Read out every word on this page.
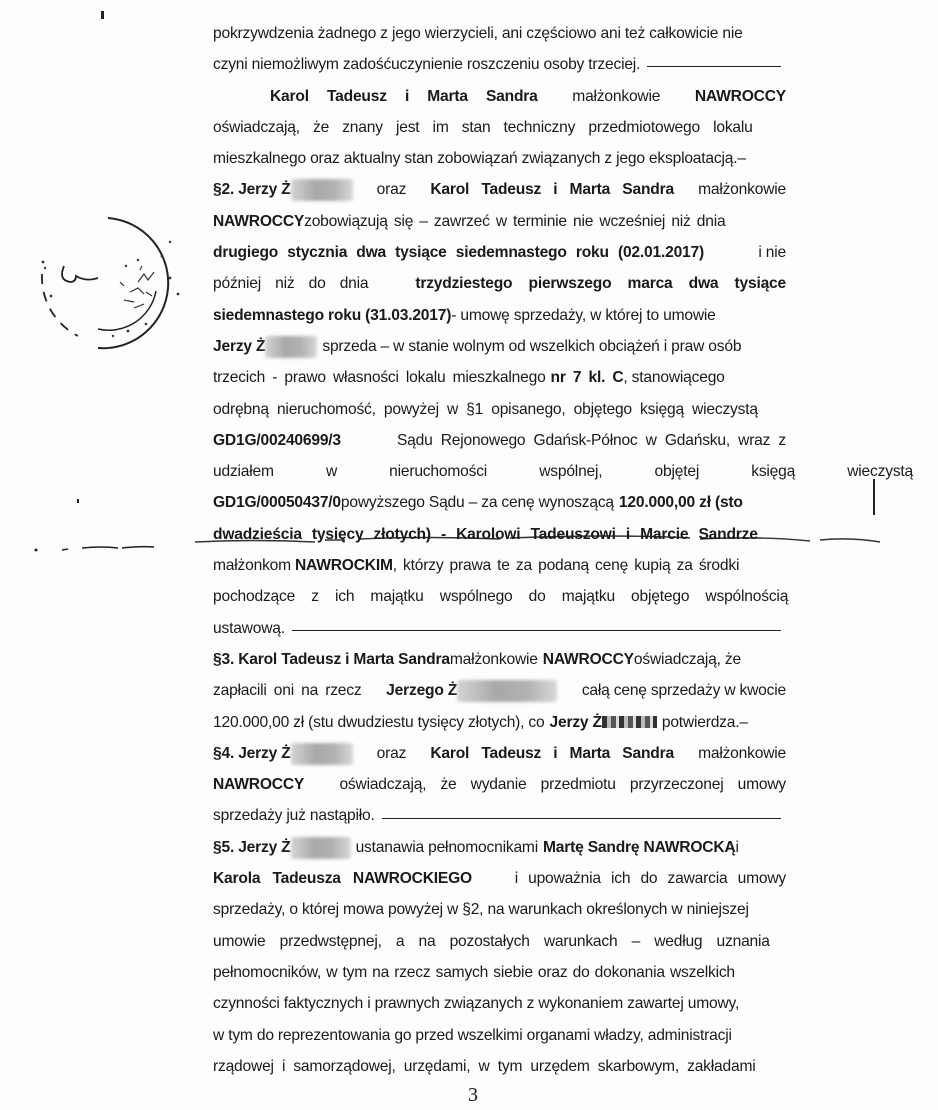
pokrzywdzenia żadnego z jego wierzycieli, ani częściowo ani też całkowicie nie
czyni niemożliwym zadośćuczynienie roszczeniu osoby trzeciej.
Karol Tadeusz i Marta Sandra małżonkowie NAWROCCY
oświadczają, że znany jest im stan techniczny przedmiotowego lokalu
mieszkalnego oraz aktualny stan zobowiązań związanych z jego eksploatacją.–
§2. Jerzy Ż	oraz Karol Tadeusz i Marta Sandra małżonkowie
NAWROCCY zobowiązują się – zawrzeć w terminie nie wcześniej niż dnia
drugiego stycznia dwa tysiące siedemnastego roku (02.01.2017)	i nie
później niż do dnia	trzydziestego pierwszego marca dwa tysiące
siedemnastego roku (31.03.2017) - umowę sprzedaży, w której to umowie
Jerzy Ż	sprzeda – w stanie wolnym od wszelkich obciążeń i praw osób
trzecich - prawo własności lokalu mieszkalnego nr 7 kl. C , stanowiącego
odrębną nieruchomość, powyżej w §1 opisanego, objętego księgą wieczystą
GD1G/00240699/3	Sądu Rejonowego Gdańsk-Północ w Gdańsku, wraz z
udziałem w nieruchomości wspólnej, objętej księgą wieczystą
GD1G/00050437/0 powyższego Sądu – za cenę wynoszącą 120.000,00 zł (sto
dwadzieścia tysięcy złotych) - Karolowi Tadeuszowi i Marcie Sandrze
małżonkom NAWROCKIM , którzy prawa te za podaną cenę kupią za środki
pochodzące z ich majątku wspólnego do majątku objętego wspólnością
ustawową.
§3. Karol Tadeusz i Marta Sandra małżonkowie NAWROCCY oświadczają, że
zapłacili oni na rzecz Jerzego Ż	całą cenę sprzedaży w kwocie
120.000,00 zł (stu dwudziestu tysięcy złotych), co Jerzy Ż	potwierdza.–
§4. Jerzy Ż	oraz Karol Tadeusz i Marta Sandra małżonkowie
NAWROCCY oświadczają, że wydanie przedmiotu przyrzeczonej umowy
sprzedaży już nastąpiło.
§5. Jerzy Ż	ustanawia pełnomocnikami Martę Sandrę NAWROCKĄ i
Karola Tadeusza NAWROCKIEGO	i upoważnia ich do zawarcia umowy
sprzedaży, o której mowa powyżej w §2, na warunkach określonych w niniejszej
umowie przedwstępnej, a na pozostałych warunkach – według uznania
pełnomocników, w tym na rzecz samych siebie oraz do dokonania wszelkich
czynności faktycznych i prawnych związanych z wykonaniem zawartej umowy,
w tym do reprezentowania go przed wszelkimi organami władzy, administracji
rządowej i samorządowej, urzędami, w tym urzędem skarbowym, zakładami
3
